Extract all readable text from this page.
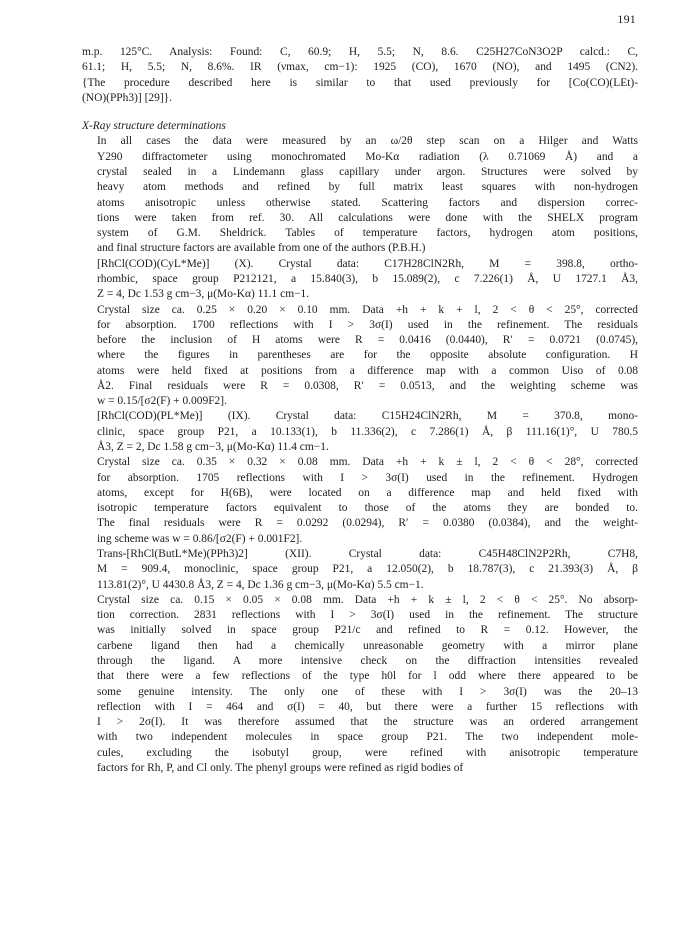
191
m.p. 125°C. Analysis: Found: C, 60.9; H, 5.5; N, 8.6. C25H27CoN3O2P calcd.: C,
61.1; H, 5.5; N, 8.6%. IR (νmax, cm−1): 1925 (CO), 1670 (NO), and 1495 (CN2).
{The procedure described here is similar to that used previously for [Co(CO)(LEt)-
(NO)(PPh3)] [29]}.
X-Ray structure determinations
In all cases the data were measured by an ω/2θ step scan on a Hilger and Watts
Y290 diffractometer using monochromated Mo-Kα radiation (λ 0.71069 Å) and a
crystal sealed in a Lindemann glass capillary under argon. Structures were solved by
heavy atom methods and refined by full matrix least squares with non-hydrogen
atoms anisotropic unless otherwise stated. Scattering factors and dispersion correc-
tions were taken from ref. 30. All calculations were done with the SHELX program
system of G.M. Sheldrick. Tables of temperature factors, hydrogen atom positions,
and final structure factors are available from one of the authors (P.B.H.)
[RhCl(COD)(CyL*Me)] (X). Crystal data: C17H28ClN2Rh, M = 398.8, ortho-
rhombic, space group P212121, a 15.840(3), b 15.089(2), c 7.226(1) Å, U 1727.1 Å3,
Z = 4, Dc 1.53 g cm−3, μ(Mo-Kα) 11.1 cm−1.
Crystal size ca. 0.25 × 0.20 × 0.10 mm. Data +h + k + l, 2 < θ < 25°, corrected
for absorption. 1700 reflections with I > 3σ(I) used in the refinement. The residuals
before the inclusion of H atoms were R = 0.0416 (0.0440), R′ = 0.0721 (0.0745),
where the figures in parentheses are for the opposite absolute configuration. H
atoms were held fixed at positions from a difference map with a common Uiso of 0.08
Å2. Final residuals were R = 0.0308, R′ = 0.0513, and the weighting scheme was
w = 0.15/[σ2(F) + 0.009F2].
[RhCl(COD)(PL*Me)] (IX). Crystal data: C15H24ClN2Rh, M = 370.8, mono-
clinic, space group P21, a 10.133(1), b 11.336(2), c 7.286(1) Å, β 111.16(1)°, U 780.5
Å3, Z = 2, Dc 1.58 g cm−3, μ(Mo-Kα) 11.4 cm−1.
Crystal size ca. 0.35 × 0.32 × 0.08 mm. Data +h + k ± l, 2 < θ < 28°, corrected
for absorption. 1705 reflections with I > 3σ(I) used in the refinement. Hydrogen
atoms, except for H(6B), were located on a difference map and held fixed with
isotropic temperature factors equivalent to those of the atoms they are bonded to.
The final residuals were R = 0.0292 (0.0294), R′ = 0.0380 (0.0384), and the weight-
ing scheme was w = 0.86/[σ2(F) + 0.001F2].
Trans-[RhCl(ButL*Me)(PPh3)2] (XII). Crystal data: C45H48ClN2P2Rh, C7H8,
M = 909.4, monoclinic, space group P21, a 12.050(2), b 18.787(3), c 21.393(3) Å, β
113.81(2)°, U 4430.8 Å3, Z = 4, Dc 1.36 g cm−3, μ(Mo-Kα) 5.5 cm−1.
Crystal size ca. 0.15 × 0.05 × 0.08 mm. Data +h + k ± l, 2 < θ < 25°. No absorp-
tion correction. 2831 reflections with I > 3σ(I) used in the refinement. The structure
was initially solved in space group P21/c and refined to R = 0.12. However, the
carbene ligand then had a chemically unreasonable geometry with a mirror plane
through the ligand. A more intensive check on the diffraction intensities revealed
that there were a few reflections of the type h0l for l odd where there appeared to be
some genuine intensity. The only one of these with I > 3σ(I) was the 20–13
reflection with I = 464 and σ(I) = 40, but there were a further 15 reflections with
I > 2σ(I). It was therefore assumed that the structure was an ordered arrangement
with two independent molecules in space group P21. The two independent mole-
cules, excluding the isobutyl group, were refined with anisotropic temperature
factors for Rh, P, and Cl only. The phenyl groups were refined as rigid bodies of
